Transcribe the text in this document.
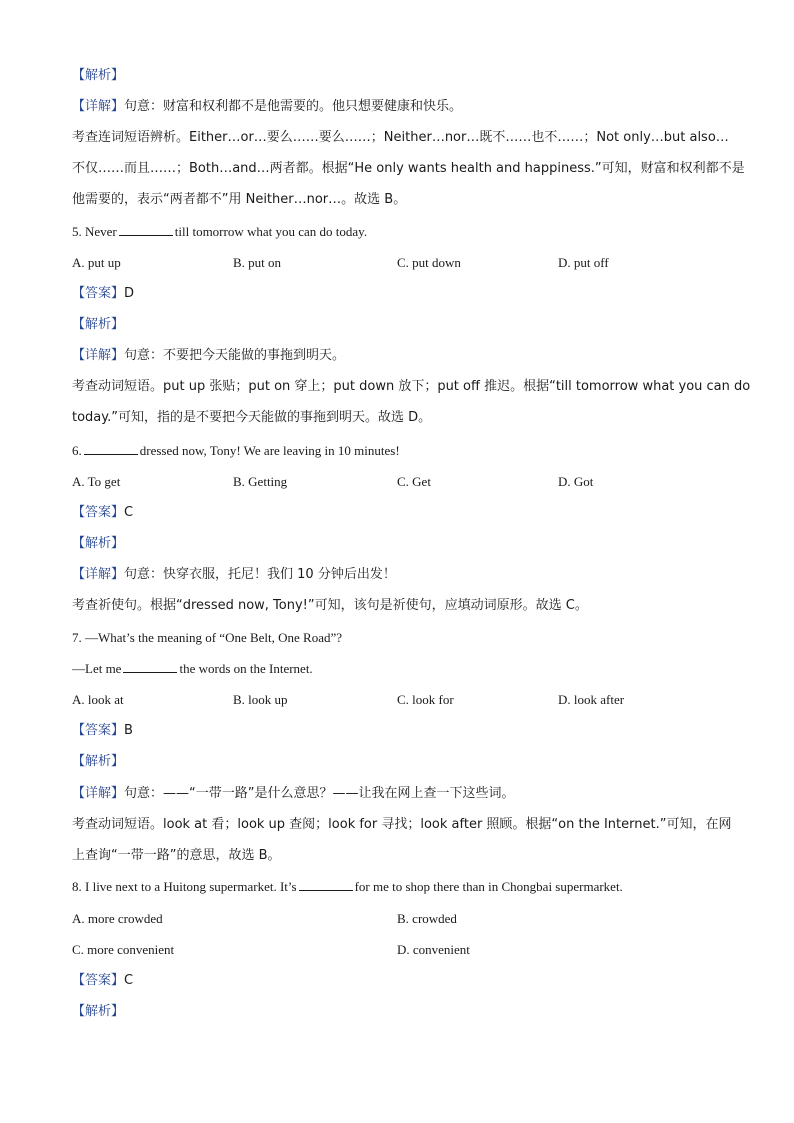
【解析】
【详解】句意：财富和权利都不是他需要的。他只想要健康和快乐。
考查连词短语辨析。Either…or…要么……要么……；Neither…nor…既不……也不……；Not only…but also…
不仅……而且……；Both…and…两者都。根据“He only wants health and happiness.”可知，财富和权利都不是
他需要的，表示“两者都不”用 Neither…nor…。故选 B。
5. Never	till tomorrow what you can do today.
A. put up	B. put on	C. put down	D. put off
【答案】D
【解析】
【详解】句意：不要把今天能做的事拖到明天。
考查动词短语。put up 张贴；put on 穿上；put down 放下；put off 推迟。根据“till tomorrow what you can do
today.”可知，指的是不要把今天能做的事拖到明天。故选 D。
6.	dressed now, Tony! We are leaving in 10 minutes!
A. To get	B. Getting	C. Get	D. Got
【答案】C
【解析】
【详解】句意：快穿衣服，托尼！我们 10 分钟后出发！
考查祈使句。根据“dressed now, Tony!”可知，该句是祈使句，应填动词原形。故选 C。
7. —What’s the meaning of “One Belt, One Road”?
—Let me	the words on the Internet.
A. look at	B. look up	C. look for	D. look after
【答案】B
【解析】
【详解】句意：——“一带一路”是什么意思？——让我在网上查一下这些词。
考查动词短语。look at 看；look up 查阅；look for 寻找；look after 照顾。根据“on the Internet.”可知，在网
上查询“一带一路”的意思，故选 B。
8. I live next to a Huitong supermarket. It’s	for me to shop there than in Chongbai supermarket.
A. more crowded	B. crowded
C. more convenient	D. convenient
【答案】C
【解析】
